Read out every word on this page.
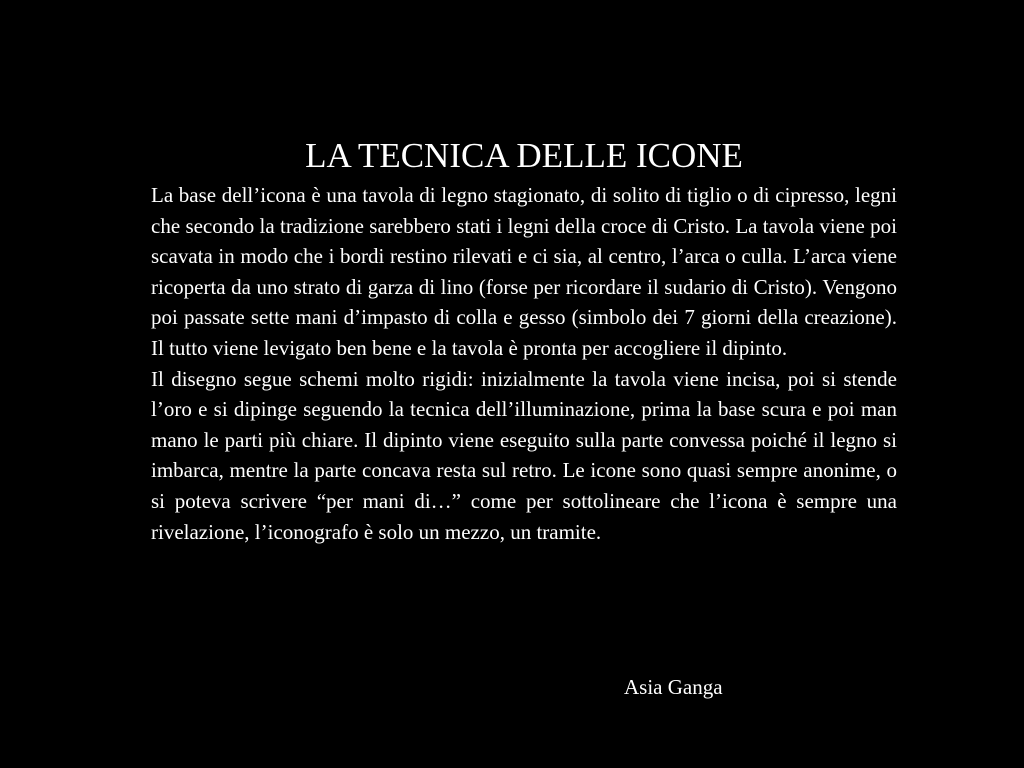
LA TECNICA DELLE ICONE

La base dell’icona è una tavola di legno stagionato, di solito di tiglio o di cipresso, legni che secondo la tradizione sarebbero stati i legni della croce di Cristo. La tavola viene poi scavata in modo che i bordi restino rilevati e ci sia, al centro, l’arca o culla. L’arca viene ricoperta da uno strato di garza di lino (forse per ricordare il sudario di Cristo). Vengono poi passate sette mani d’impasto di colla e gesso (simbolo dei 7 giorni della creazione). Il tutto viene levigato ben bene e la tavola è pronta per accogliere il dipinto.

Il disegno segue schemi molto rigidi: inizialmente la tavola viene incisa, poi si stende l’oro e si dipinge seguendo la tecnica dell’illuminazione, prima la base scura e poi man mano le parti più chiare. Il dipinto viene eseguito sulla parte convessa poiché il legno si imbarca, mentre la parte concava resta sul retro. Le icone sono quasi sempre anonime, o si poteva scrivere “per mani di…” come per sottolineare che l’icona è sempre una rivelazione, l’iconografo è solo un mezzo, un tramite.

Asia Ganga
